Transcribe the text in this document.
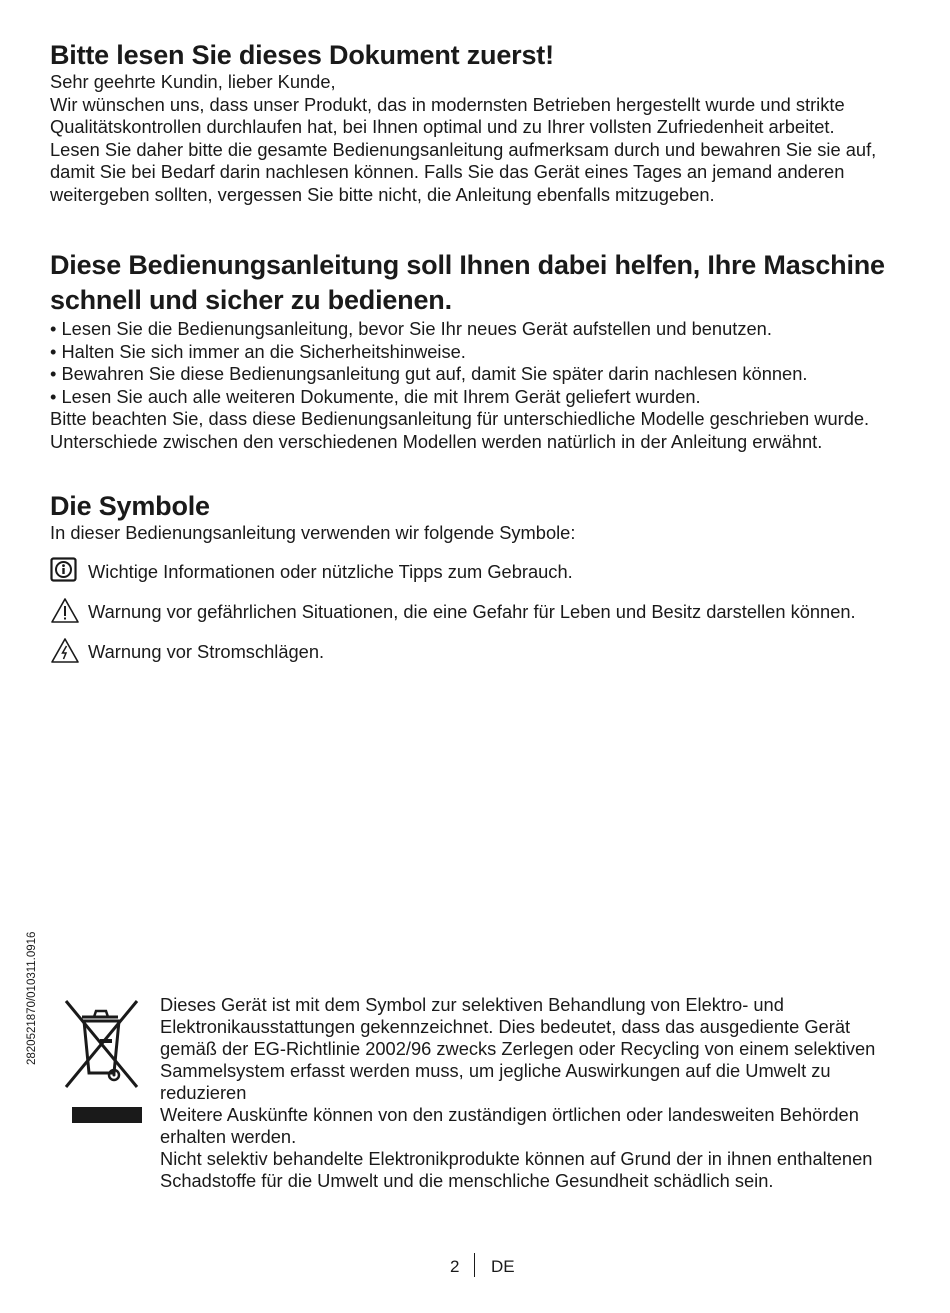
Bitte lesen Sie dieses Dokument zuerst!

Sehr geehrte Kundin, lieber Kunde,

Wir wünschen uns, dass unser Produkt, das in modernsten Betrieben hergestellt wurde und strikte Qualitätskontrollen durchlaufen hat, bei Ihnen optimal und zu Ihrer vollsten Zufriedenheit arbeitet.

Lesen Sie daher bitte die gesamte Bedienungsanleitung aufmerksam durch und bewahren Sie sie auf, damit Sie bei Bedarf darin nachlesen können. Falls Sie das Gerät eines Tages an jemand anderen weitergeben sollten, vergessen Sie bitte nicht, die Anleitung ebenfalls mitzugeben.

Diese Bedienungsanleitung soll Ihnen dabei helfen, Ihre Maschine schnell und sicher zu bedienen.
• Lesen Sie die Bedienungsanleitung, bevor Sie Ihr neues Gerät aufstellen und benutzen.
• Halten Sie sich immer an die Sicherheitshinweise.
• Bewahren Sie diese Bedienungsanleitung gut auf, damit Sie später darin nachlesen können.
• Lesen Sie auch alle weiteren Dokumente, die mit Ihrem Gerät geliefert wurden.

Bitte beachten Sie, dass diese Bedienungsanleitung für unterschiedliche Modelle geschrieben wurde. Unterschiede zwischen den verschiedenen Modellen werden natürlich in der Anleitung erwähnt.

Die Symbole

In dieser Bedienungsanleitung verwenden wir folgende Symbole:

Wichtige Informationen oder nützliche Tipps zum Gebrauch.
Warnung vor gefährlichen Situationen, die eine Gefahr für Leben und Besitz darstellen können.
Warnung vor Stromschlägen.
2820521870/010311.0916	Dieses Gerät ist mit dem Symbol zur selektiven Behandlung von Elektro- und Elektronikausstattungen gekennzeichnet. Dies bedeutet, dass das ausgediente Gerät gemäß der EG-Richtlinie 2002/96 zwecks Zerlegen oder Recycling von einem selektiven Sammelsystem erfasst werden muss, um jegliche Auswirkungen auf die Umwelt zu reduzieren

Weitere Auskünfte können von den zuständigen örtlichen oder landesweiten Behörden erhalten werden.

Nicht selektiv behandelte Elektronikprodukte können auf Grund der in ihnen enthaltenen Schadstoffe für die Umwelt und die menschliche Gesundheit schädlich sein.

2 DE
